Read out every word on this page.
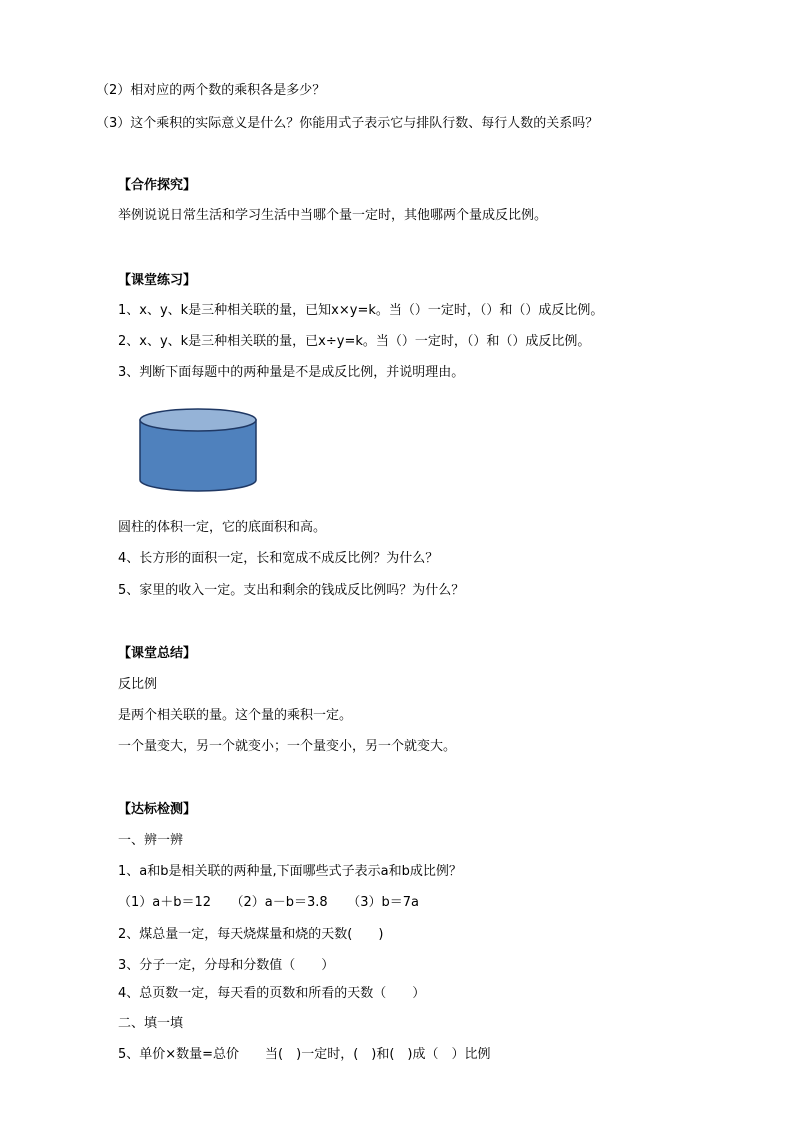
（2）相对应的两个数的乘积各是多少？
（3）这个乘积的实际意义是什么？你能用式子表示它与排队行数、每行人数的关系吗？
【合作探究】
举例说说日常生活和学习生活中当哪个量一定时，其他哪两个量成反比例。
【课堂练习】
1、x、y、k是三种相关联的量，已知x×y=k。当（）一定时，（）和（）成反比例。
2、x、y、k是三种相关联的量，已x÷y=k。当（）一定时，（）和（）成反比例。
3、判断下面每题中的两种量是不是成反比例，并说明理由。
圆柱的体积一定，它的底面积和高。
4、长方形的面积一定，长和宽成不成反比例？为什么？
5、家里的收入一定。支出和剩余的钱成反比例吗？为什么？
【课堂总结】
反比例
是两个相关联的量。这个量的乘积一定。
一个量变大，另一个就变小；一个量变小，另一个就变大。
【达标检测】
一、辨一辨
1、a和b是相关联的两种量,下面哪些式子表示a和b成比例？
（1）a＋b＝12　　（2）a－b＝3.8　　（3）b＝7a
2、煤总量一定，每天烧煤量和烧的天数(　　)
3、分子一定，分母和分数值（　　）
4、总页数一定，每天看的页数和所看的天数（　　）
二、填一填
5、单价×数量=总价　　当(　)一定时，(　)和(　)成（　）比例
